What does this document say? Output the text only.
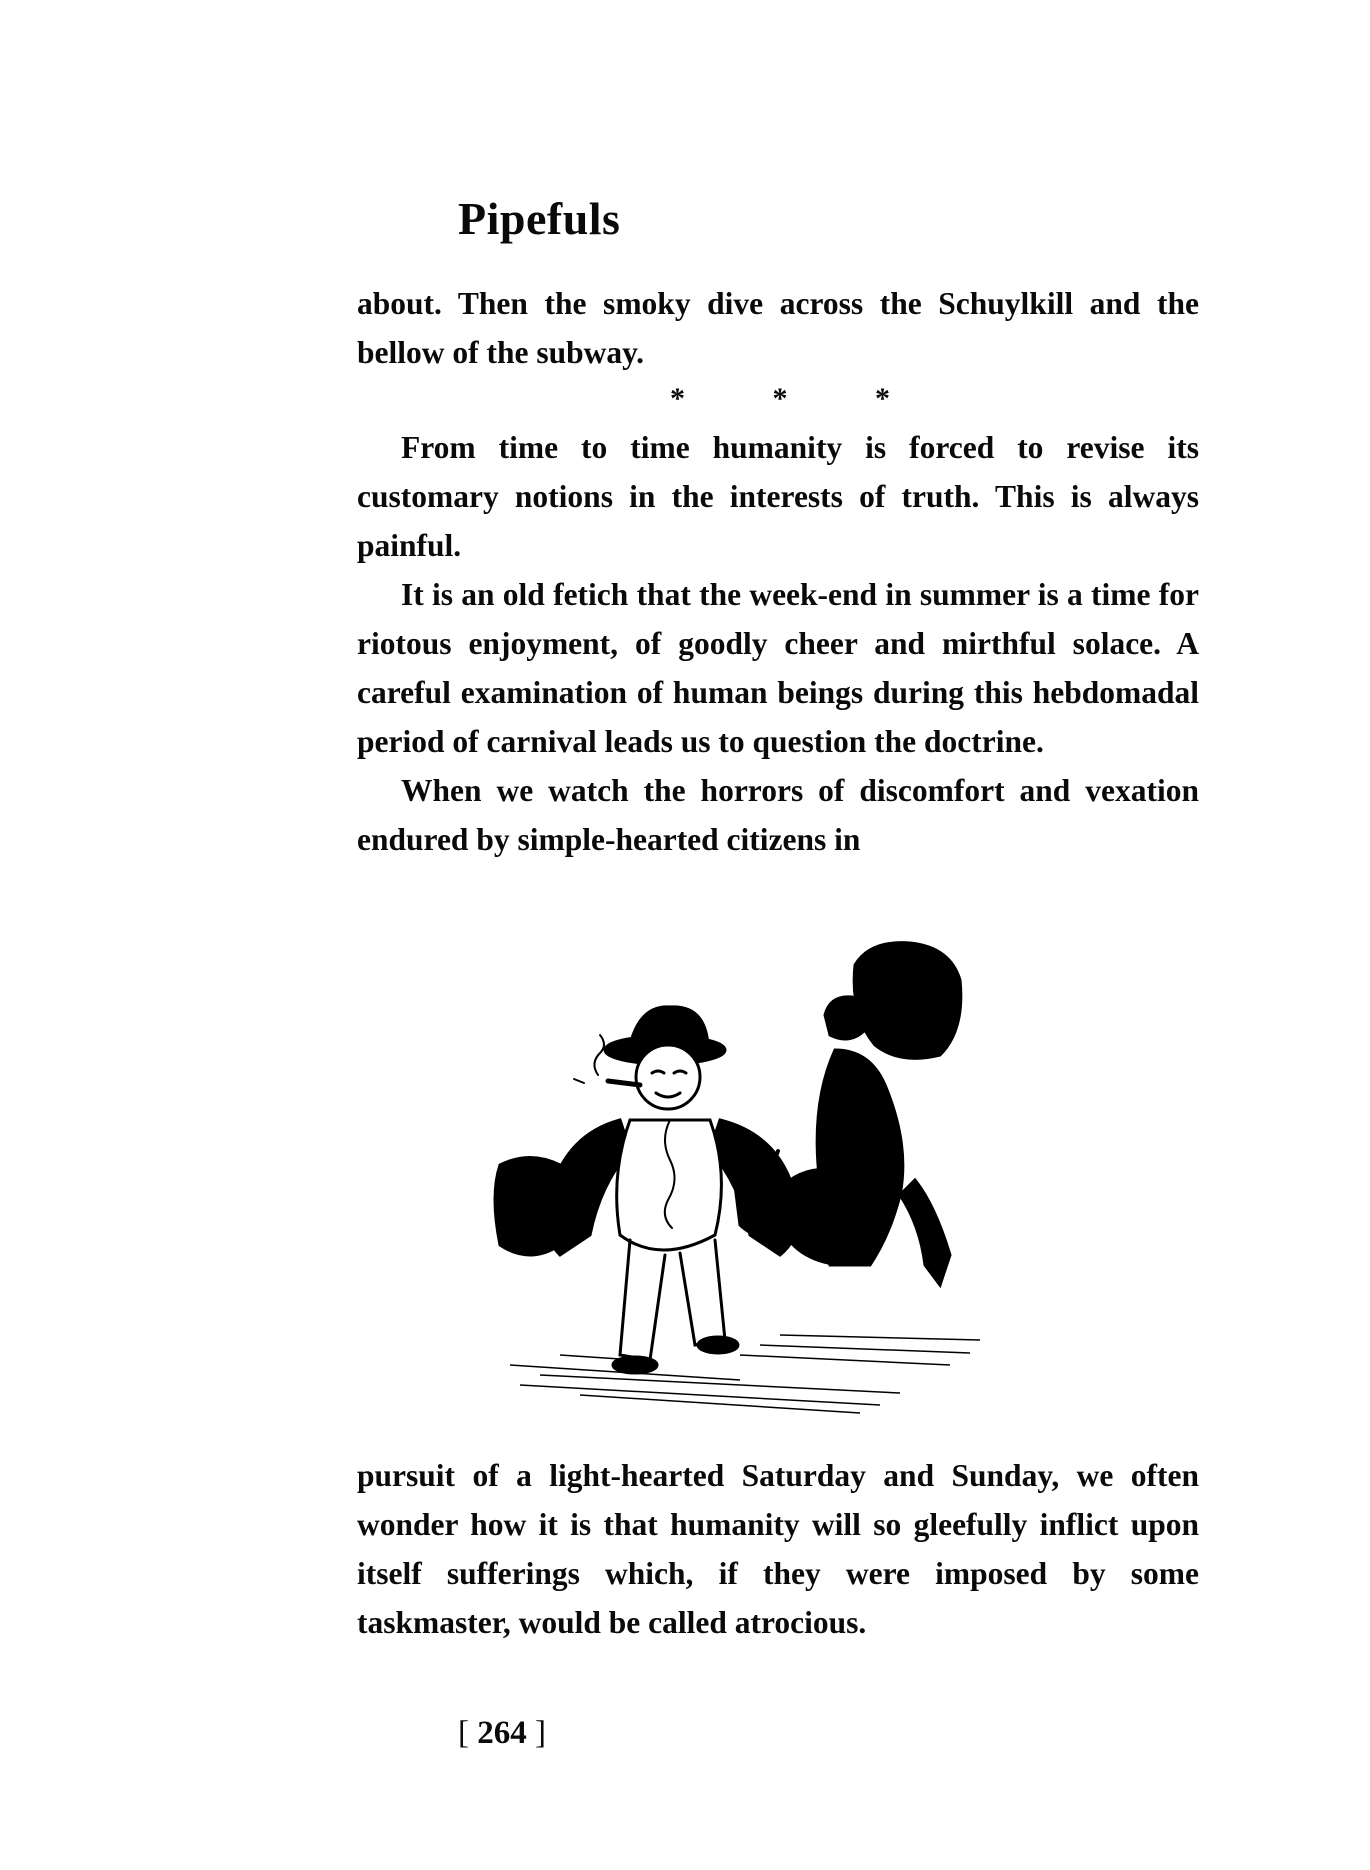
Pipefuls

about. Then the smoky dive across the Schuylkill and the bellow of the subway.

*	*	*

From time to time humanity is forced to revise its customary notions in the interests of truth. This is always painful.

It is an old fetich that the week-end in summer is a time for riotous enjoyment, of goodly cheer and mirthful solace. A careful examination of human beings during this hebdomadal period of carnival leads us to question the doctrine.

When we watch the horrors of discomfort and vexation endured by simple-hearted citizens in

pursuit of a light-hearted Saturday and Sunday, we often wonder how it is that humanity will so gleefully inflict upon itself sufferings which, if they were imposed by some taskmaster, would be called atrocious.

[ 264 ]
